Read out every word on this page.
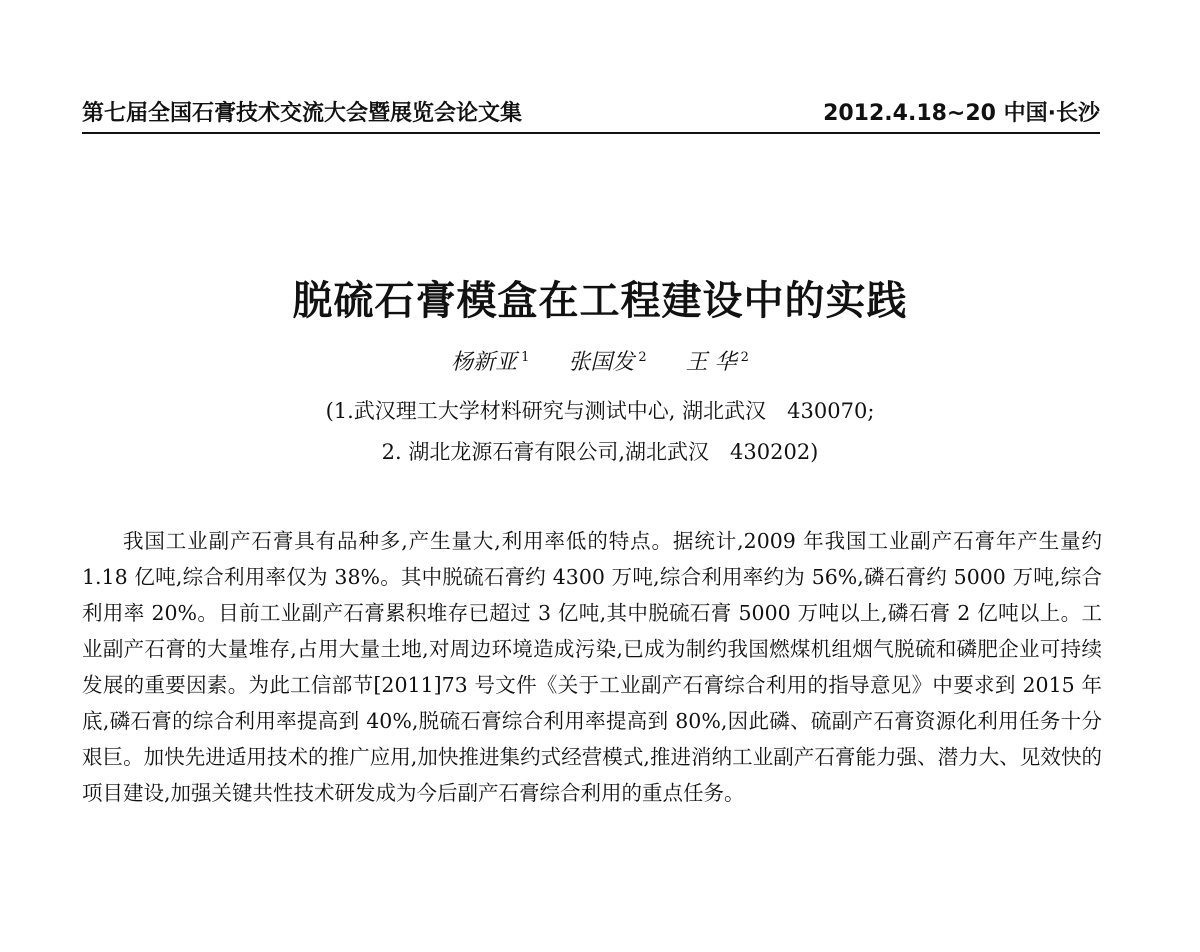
第七届全国石膏技术交流大会暨展览会论文集	2012.4.18~20 中国·长沙
脱硫石膏模盒在工程建设中的实践
杨新亚 $^1$ 张国发 $^2$ 王 华 $^2$
(1.武汉理工大学材料研究与测试中心, 湖北武汉　430070;
2. 湖北龙源石膏有限公司,湖北武汉　430202)

我国工业副产石膏具有品种多,产生量大,利用率低的特点。据统计,2009 年我国工业副产石膏年产生量约 1.18 亿吨,综合利用率仅为 38%。其中脱硫石膏约 4300 万吨,综合利用率约为 56%,磷石膏约 5000 万吨,综合利用率 20%。目前工业副产石膏累积堆存已超过 3 亿吨,其中脱硫石膏 5000 万吨以上,磷石膏 2 亿吨以上。工业副产石膏的大量堆存,占用大量土地,对周边环境造成污染,已成为制约我国燃煤机组烟气脱硫和磷肥企业可持续发展的重要因素。为此工信部节[2011]73 号文件《关于工业副产石膏综合利用的指导意见》中要求到 2015 年底,磷石膏的综合利用率提高到 40%,脱硫石膏综合利用率提高到 80%,因此磷、硫副产石膏资源化利用任务十分艰巨。加快先进适用技术的推广应用,加快推进集约式经营模式,推进消纳工业副产石膏能力强、潜力大、见效快的项目建设,加强关键共性技术研发成为今后副产石膏综合利用的重点任务。
